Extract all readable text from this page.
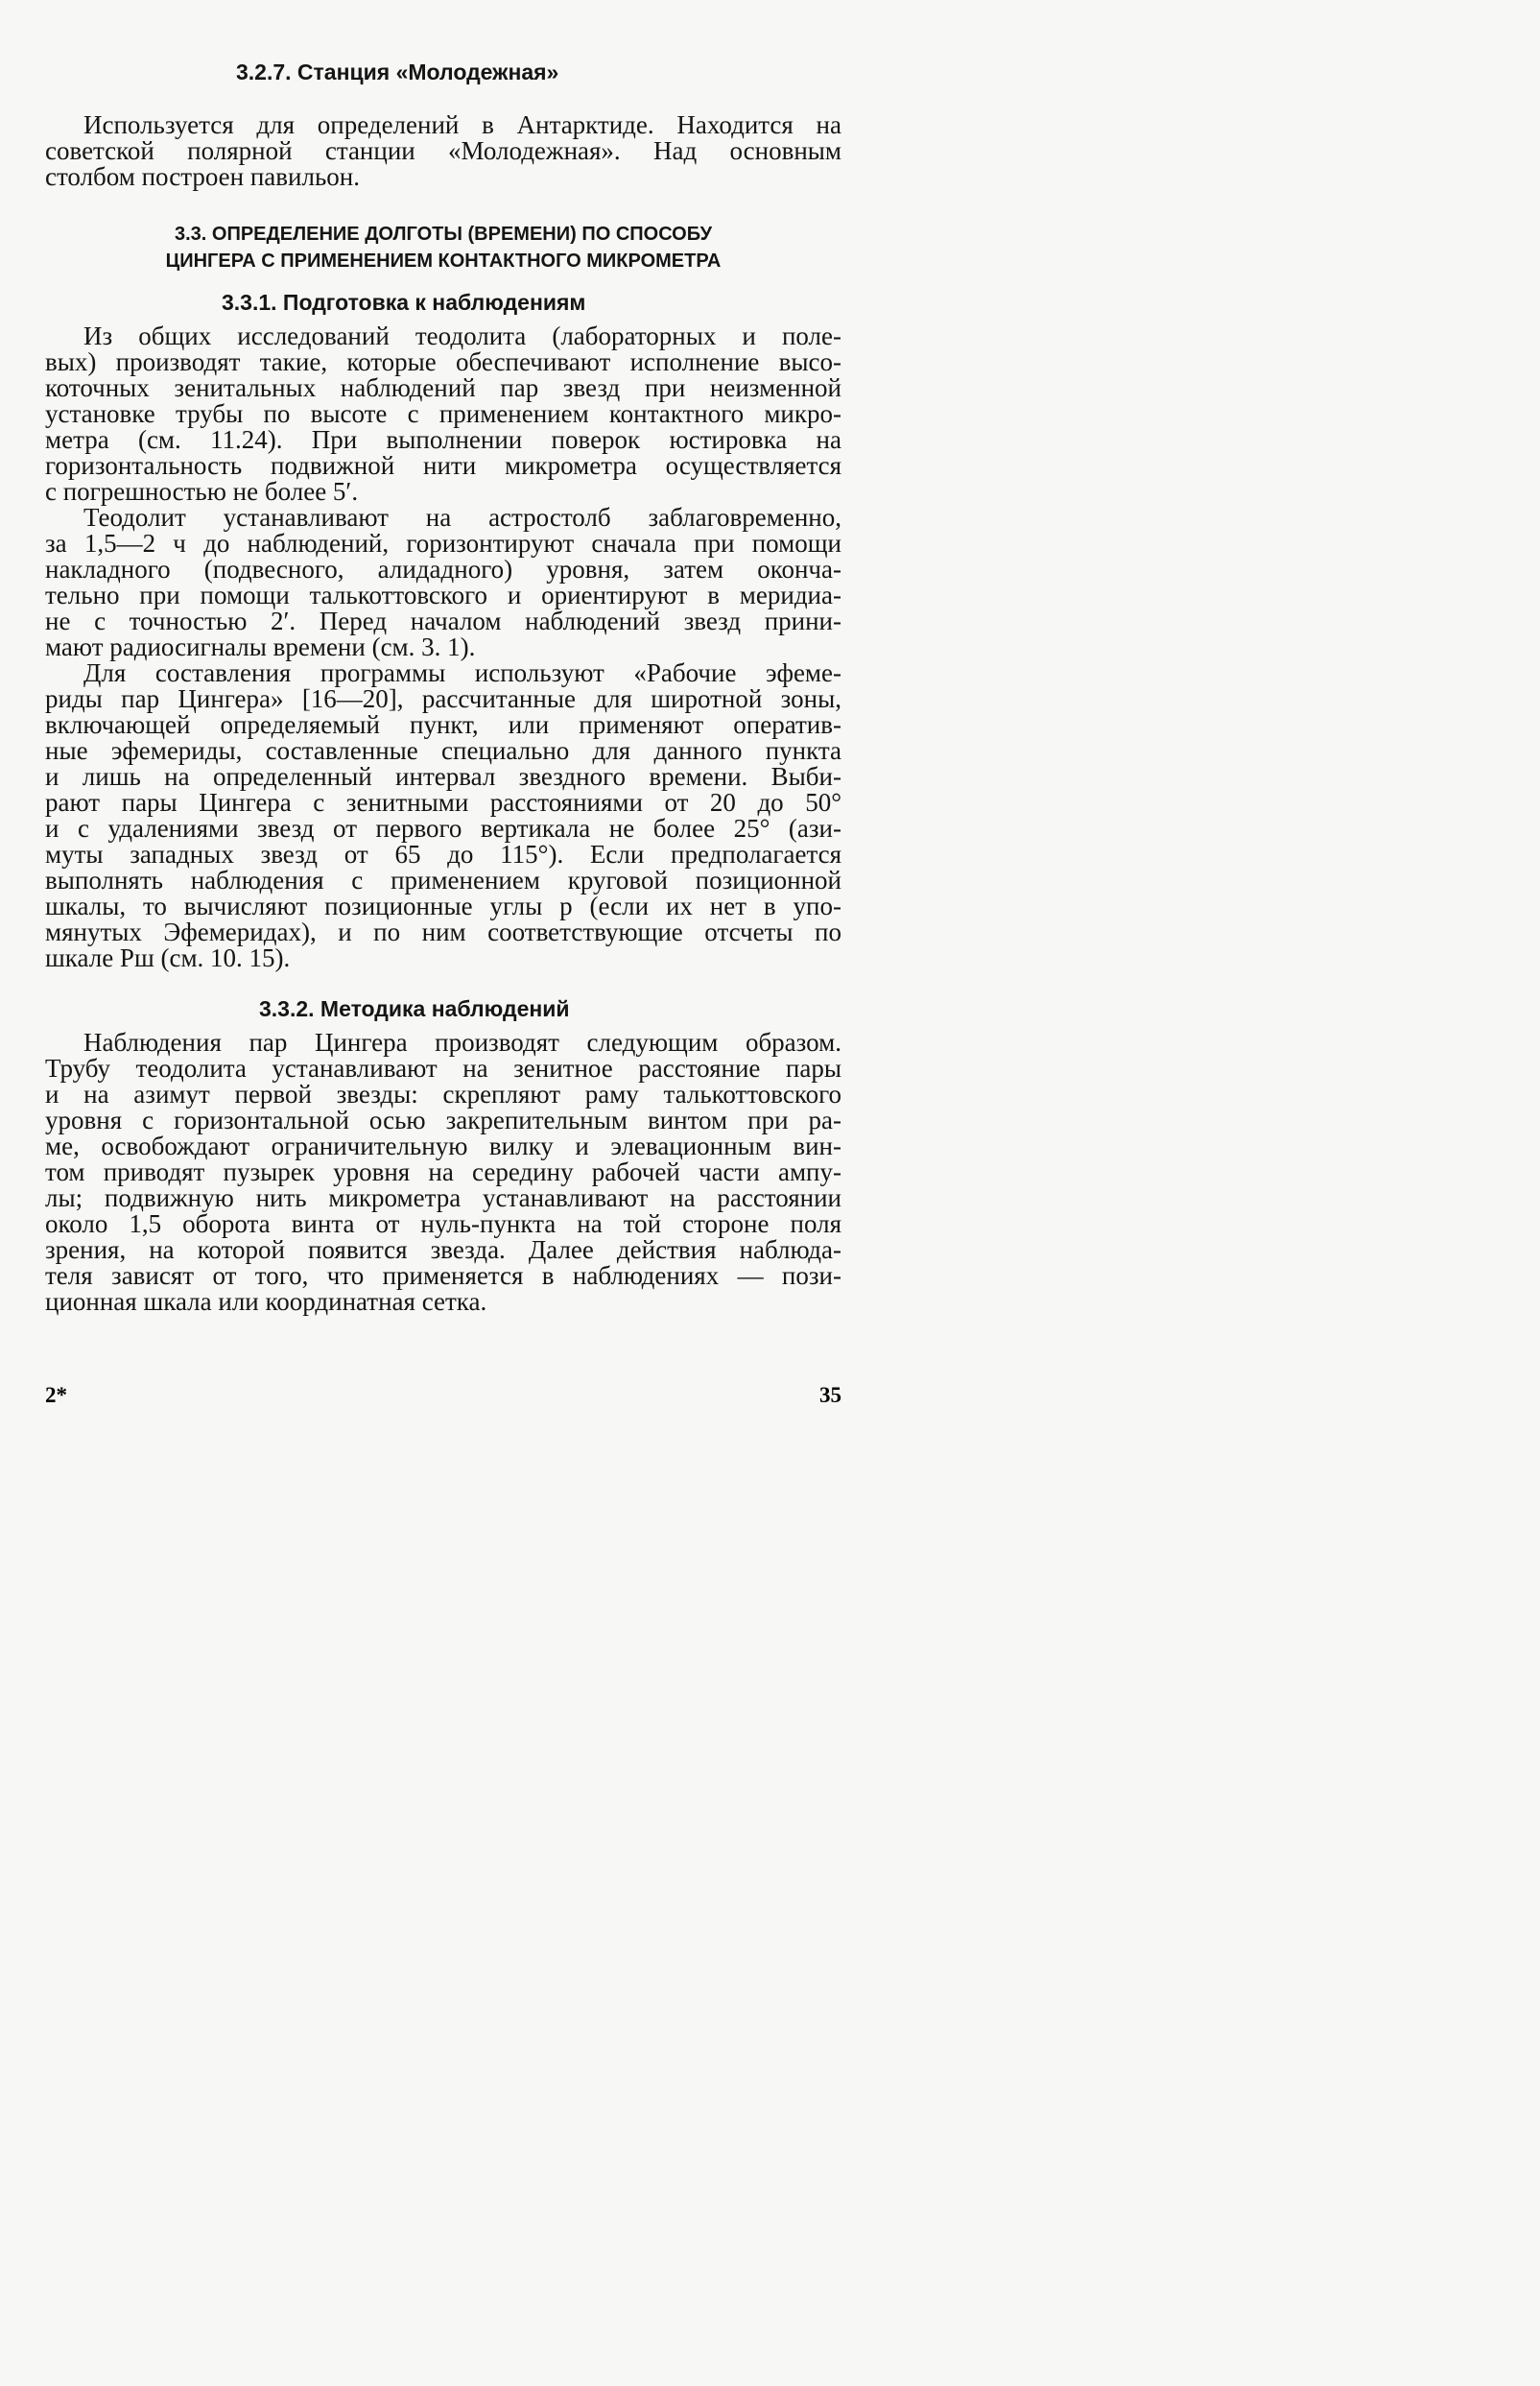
3.2.7. Станция «Молодежная»
Используется для определений в Антарктиде. Находится на
советской полярной станции «Молодежная». Над основным
столбом построен павильон.
3.3. ОПРЕДЕЛЕНИЕ ДОЛГОТЫ (ВРЕМЕНИ) ПО СПОСОБУ
ЦИНГЕРА С ПРИМЕНЕНИЕМ КОНТАКТНОГО МИКРОМЕТРА
3.3.1. Подготовка к наблюдениям
Из общих исследований теодолита (лабораторных и поле-
вых) производят такие, которые обеспечивают исполнение высо-
коточных зенитальных наблюдений пар звезд при неизменной
установке трубы по высоте с применением контактного микро-
метра (см. 11.24). При выполнении поверок юстировка на
горизонтальность подвижной нити микрометра осуществляется
с погрешностью не более 5′.
Теодолит устанавливают на астростолб заблаговременно,
за 1,5—2 ч до наблюдений, горизонтируют сначала при помощи
накладного (подвесного, алидадного) уровня, затем оконча-
тельно при помощи талькоттовского и ориентируют в меридиа-
не с точностью 2′. Перед началом наблюдений звезд прини-
мают радиосигналы времени (см. 3. 1).
Для составления программы используют «Рабочие эфеме-
риды пар Цингера» [16—20], рассчитанные для широтной зоны,
включающей определяемый пункт, или применяют оператив-
ные эфемериды, составленные специально для данного пункта
и лишь на определенный интервал звездного времени. Выби-
рают пары Цингера с зенитными расстояниями от 20 до 50°
и с удалениями звезд от первого вертикала не более 25° (ази-
муты западных звезд от 65 до 115°). Если предполагается
выполнять наблюдения с применением круговой позиционной
шкалы, то вычисляют позиционные углы p (если их нет в упо-
мянутых Эфемеридах), и по ним соответствующие отсчеты по
шкале Pш (см. 10. 15).
3.3.2. Методика наблюдений
Наблюдения пар Цингера производят следующим образом.
Трубу теодолита устанавливают на зенитное расстояние пары
и на азимут первой звезды: скрепляют раму талькоттовского
уровня с горизонтальной осью закрепительным винтом при ра-
ме, освобождают ограничительную вилку и элевационным вин-
том приводят пузырек уровня на середину рабочей части ампу-
лы; подвижную нить микрометра устанавливают на расстоянии
около 1,5 оборота винта от нуль-пункта на той стороне поля
зрения, на которой появится звезда. Далее действия наблюда-
теля зависят от того, что применяется в наблюдениях — пози-
ционная шкала или координатная сетка.
2*	35
